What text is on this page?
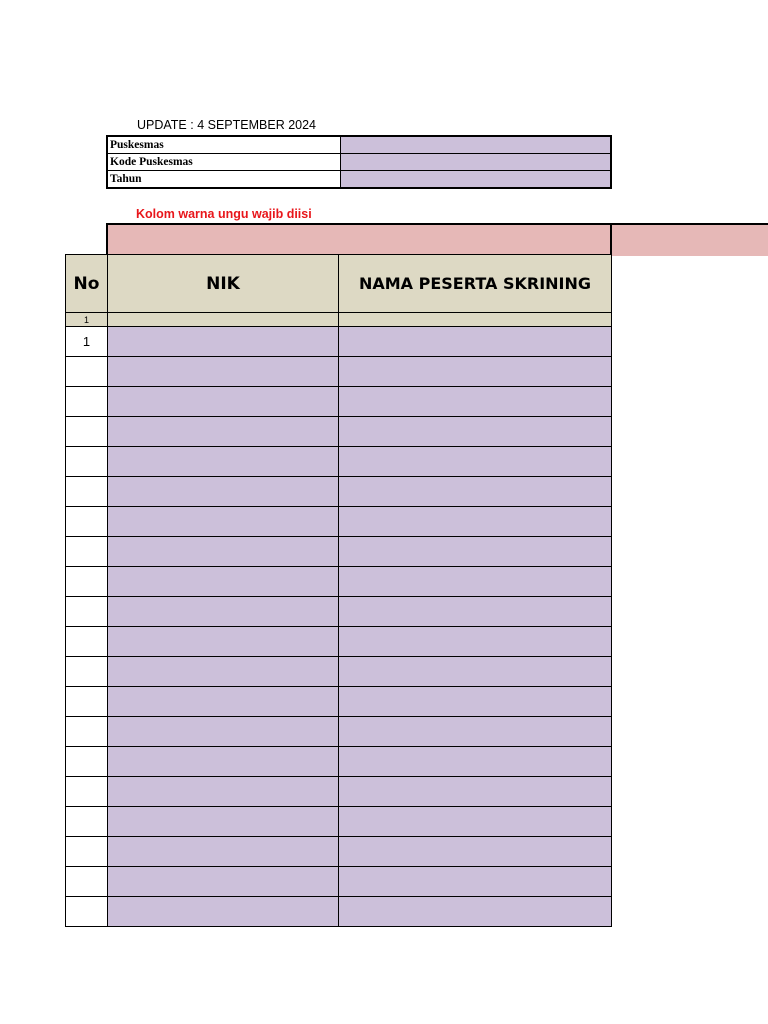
UPDATE : 4 SEPTEMBER 2024
Puskesmas	
Kode Puskesmas	
Tahun	
Kolom warna ungu wajib diisi
No	NIK	NAMA PESERTA SKRINING
1		
1		
